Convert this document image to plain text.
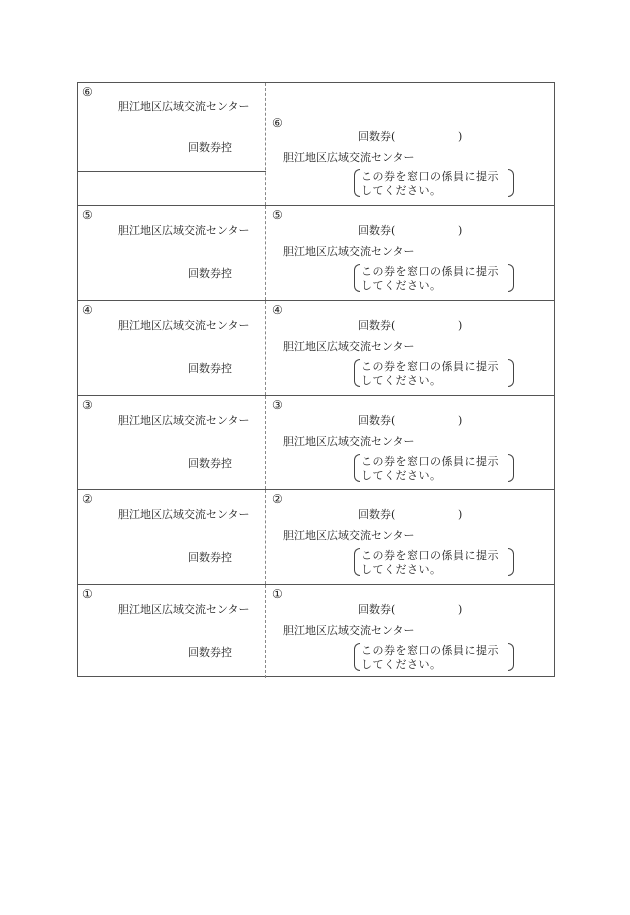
⑥
胆江地区広域交流センター
回数券控
⑥
回数券(	)
胆江地区広域交流センター
この券を窓口の係員に提示
してください。
⑤
胆江地区広域交流センター
回数券控
⑤
回数券(	)
胆江地区広域交流センター
この券を窓口の係員に提示
してください。
④
胆江地区広域交流センター
回数券控
④
回数券(	)
胆江地区広域交流センター
この券を窓口の係員に提示
してください。
③
胆江地区広域交流センター
回数券控
③
回数券(	)
胆江地区広域交流センター
この券を窓口の係員に提示
してください。
②
胆江地区広域交流センター
回数券控
②
回数券(	)
胆江地区広域交流センター
この券を窓口の係員に提示
してください。
①
胆江地区広域交流センター
回数券控
①
回数券(	)
胆江地区広域交流センター
この券を窓口の係員に提示
してください。
